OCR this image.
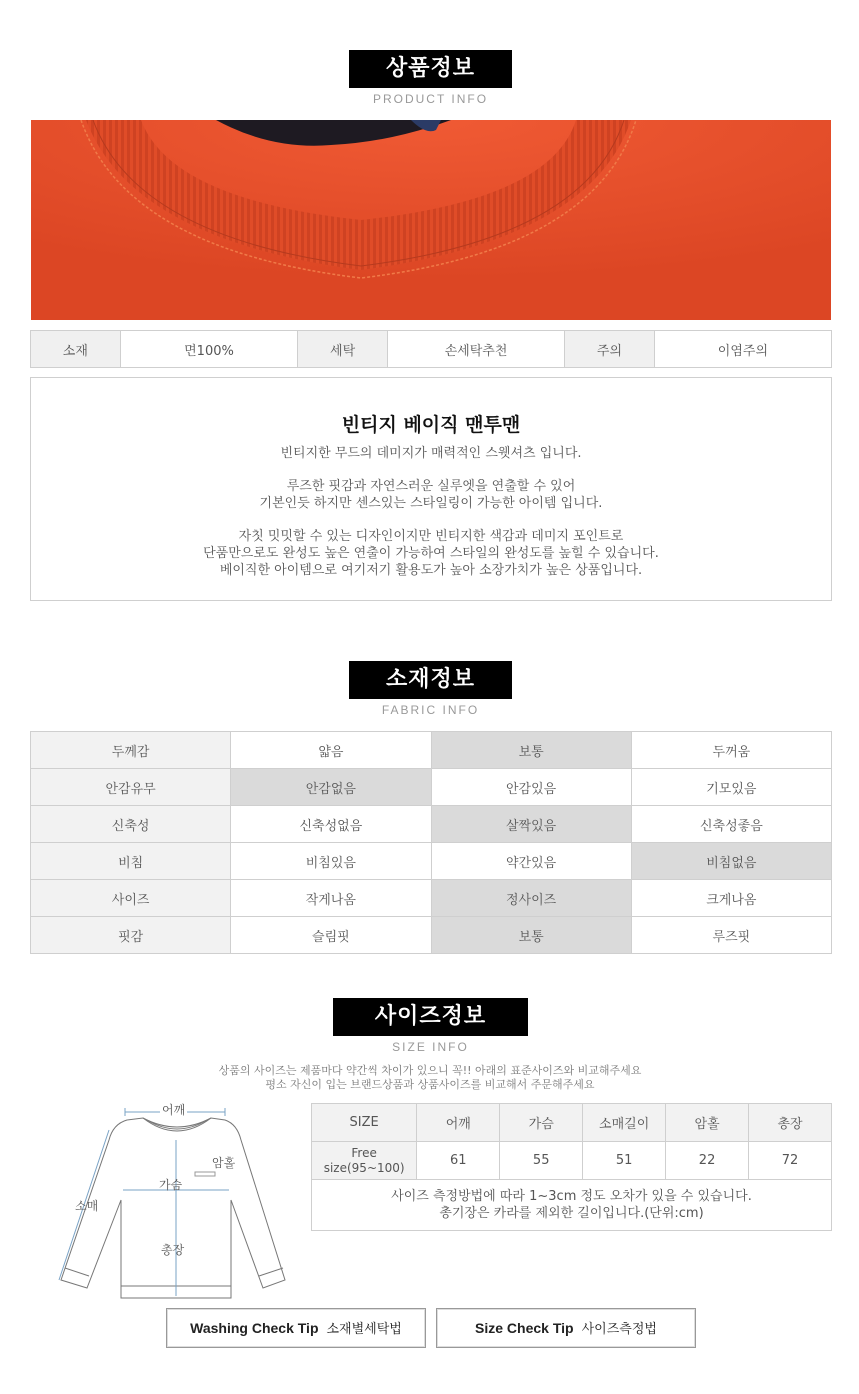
상품정보
PRODUCT INFO
소재	면100%	세탁	손세탁추천	주의	이염주의
빈티지 베이직 맨투맨

빈티지한 무드의 데미지가 매력적인 스웻셔츠 입니다.

루즈한 핏감과 자연스러운 실루엣을 연출할 수 있어
기본인듯 하지만 센스있는 스타일링이 가능한 아이템 입니다.

자칫 밋밋할 수 있는 디자인이지만 빈티지한 색감과 데미지 포인트로
단품만으로도 완성도 높은 연출이 가능하여 스타일의 완성도를 높힐 수 있습니다.
베이직한 아이템으로 여기저기 활용도가 높아 소장가치가 높은 상품입니다.

소재정보
FABRIC INFO
두께감	얇음	보통	두꺼움
안감유무	안감없음	안감있음	기모있음
신축성	신축성없음	살짝있음	신축성좋음
비침	비침있음	약간있음	비침없음
사이즈	작게나옴	정사이즈	크게나옴
핏감	슬림핏	보통	루즈핏
사이즈정보
SIZE INFO
상품의 사이즈는 제품마다 약간씩 차이가 있으니 꼭!! 아래의 표준사이즈와 비교해주세요
평소 자신이 입는 브랜드상품과 상품사이즈를 비교해서 주문해주세요
어깨
암홀
가슴
소매
총장
SIZE	어깨	가슴	소매길이	암홀	총장
Free
size(95~100)	61	55	51	22	72
사이즈 측정방법에 따라 1~3cm 정도 오차가 있을 수 있습니다.
총기장은 카라를 제외한 길이입니다.(단위:cm)					
Washing Check Tip 소재별세탁법	Size Check Tip 사이즈측정법
